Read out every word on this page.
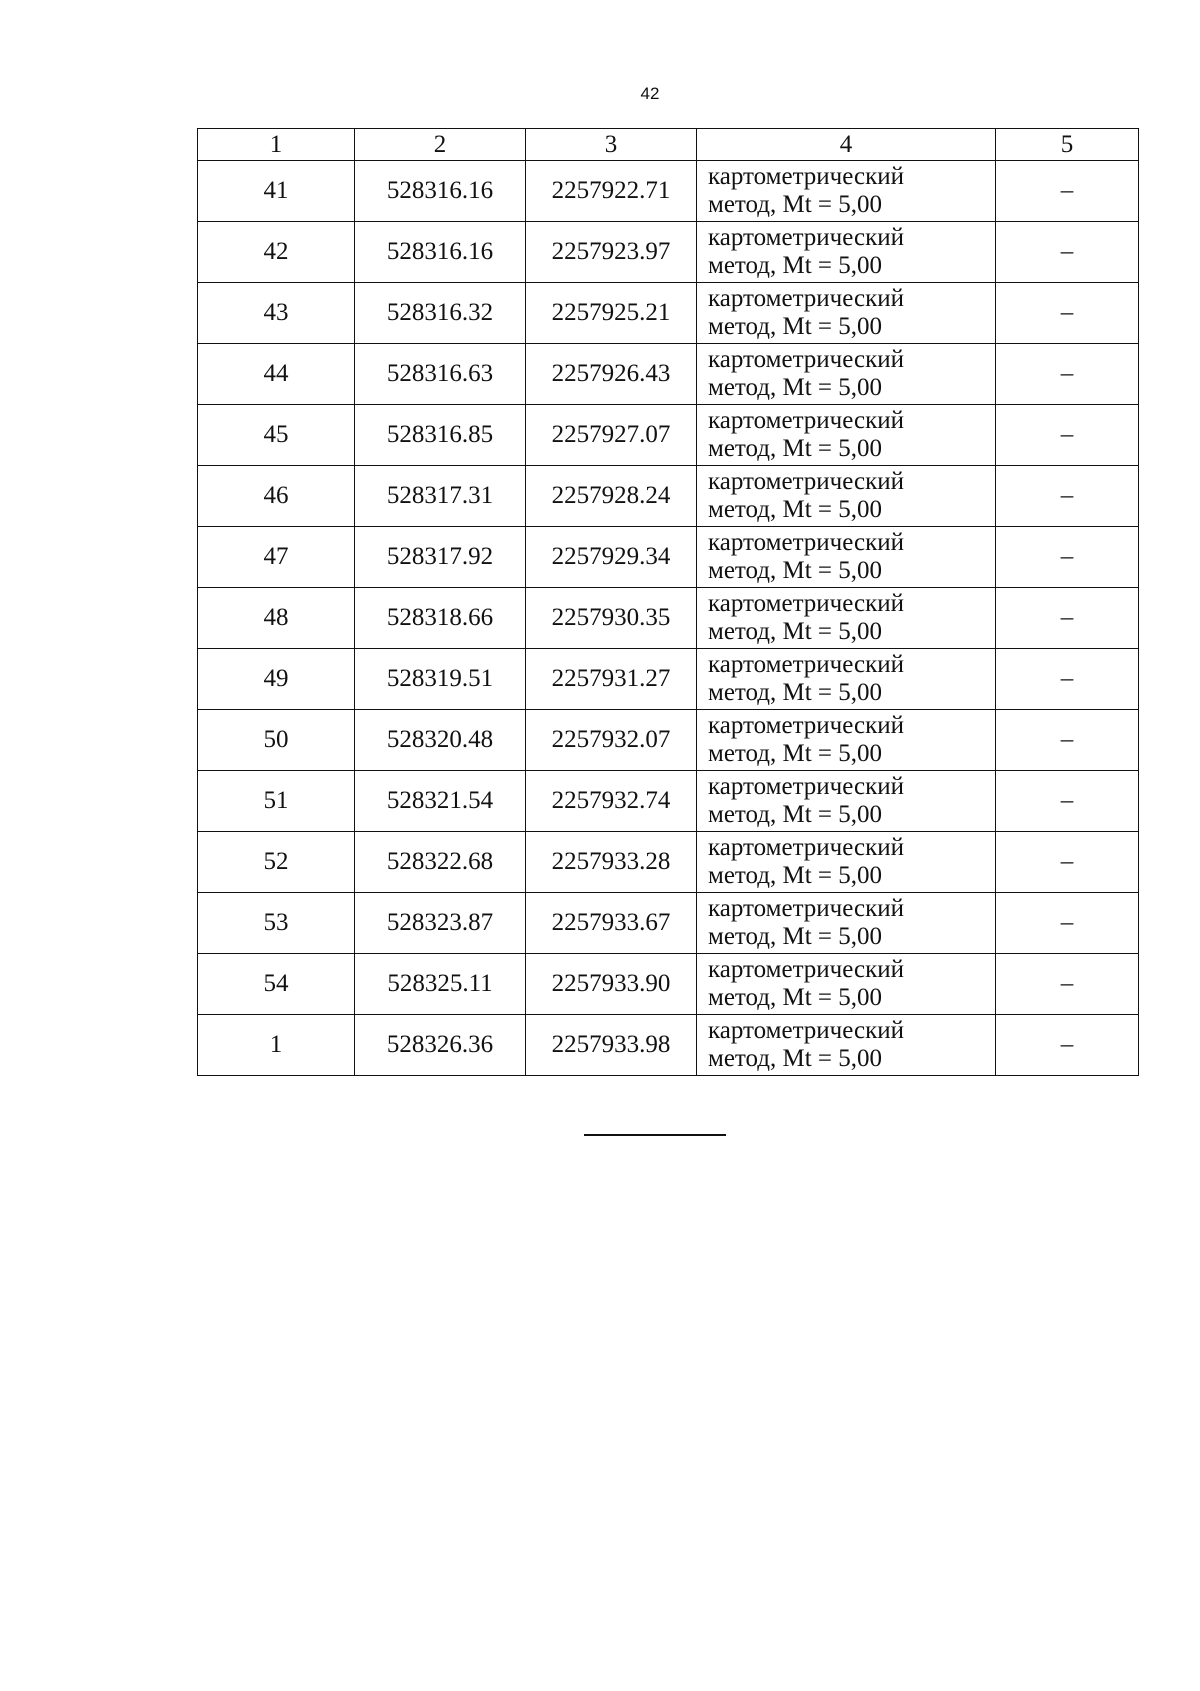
42
1	2	3	4	5
41	528316.16	2257922.71	картометрический
метод, Mt = 5,00	–
42	528316.16	2257923.97	картометрический
метод, Mt = 5,00	–
43	528316.32	2257925.21	картометрический
метод, Mt = 5,00	–
44	528316.63	2257926.43	картометрический
метод, Mt = 5,00	–
45	528316.85	2257927.07	картометрический
метод, Mt = 5,00	–
46	528317.31	2257928.24	картометрический
метод, Mt = 5,00	–
47	528317.92	2257929.34	картометрический
метод, Mt = 5,00	–
48	528318.66	2257930.35	картометрический
метод, Mt = 5,00	–
49	528319.51	2257931.27	картометрический
метод, Mt = 5,00	–
50	528320.48	2257932.07	картометрический
метод, Mt = 5,00	–
51	528321.54	2257932.74	картометрический
метод, Mt = 5,00	–
52	528322.68	2257933.28	картометрический
метод, Mt = 5,00	–
53	528323.87	2257933.67	картометрический
метод, Mt = 5,00	–
54	528325.11	2257933.90	картометрический
метод, Mt = 5,00	–
1	528326.36	2257933.98	картометрический
метод, Mt = 5,00	–
